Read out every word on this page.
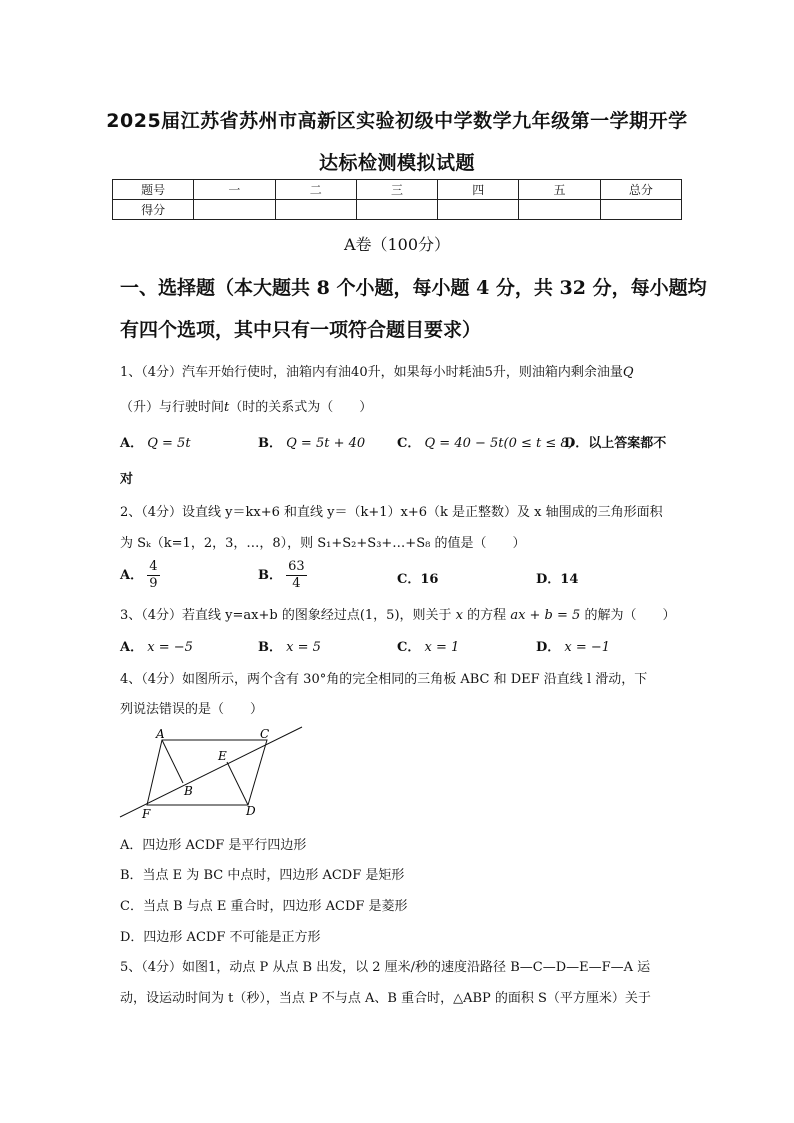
2025届江苏省苏州市高新区实验初级中学数学九年级第一学期开学
达标检测模拟试题
题号	一	二	三	四	五	总分
得分						
A卷（100分）
一、选择题（本大题共 8 个小题，每小题 4 分，共 32 分，每小题均
有四个选项，其中只有一项符合题目要求）
1、（4分）汽车开始行使时，油箱内有油40升，如果每小时耗油5升，则油箱内剩余油量Q
（升）与行驶时间t（时的关系式为（　　）
A． Q = 5t	B． Q = 5t + 40 C． Q = 40 − 5t(0 ≤ t ≤ 8)
D．以上答案都不
对
2、（4分）设直线 y＝kx+6 和直线 y＝（k+1）x+6（k 是正整数）及 x 轴围成的三角形面积
为 Sₖ（k=1，2，3，…，8），则 S₁+S₂+S₃+…+S₈ 的值是（　　）
A． $\frac{4}{9}$	B． $\frac{63}{4}$	C．16	D．14
3、（4分）若直线 y=ax+b 的图象经过点(1，5)，则关于 x 的方程 ax + b = 5 的解为（　　）
A． x = −5	B． x = 5	C． x = 1	D． x = −1
4、（4分）如图所示，两个含有 30°角的完全相同的三角板 ABC 和 DEF 沿直线 l 滑动，下
列说法错误的是（　　）
A	C
E
B
F	D
A．四边形 ACDF 是平行四边形
B．当点 E 为 BC 中点时，四边形 ACDF 是矩形
C．当点 B 与点 E 重合时，四边形 ACDF 是菱形
D．四边形 ACDF 不可能是正方形
5、（4分）如图1，动点 P 从点 B 出发，以 2 厘米/秒的速度沿路径 B—C—D—E—F—A 运
动，设运动时间为 t（秒），当点 P 不与点 A、B 重合时，△ABP 的面积 S（平方厘米）关于
